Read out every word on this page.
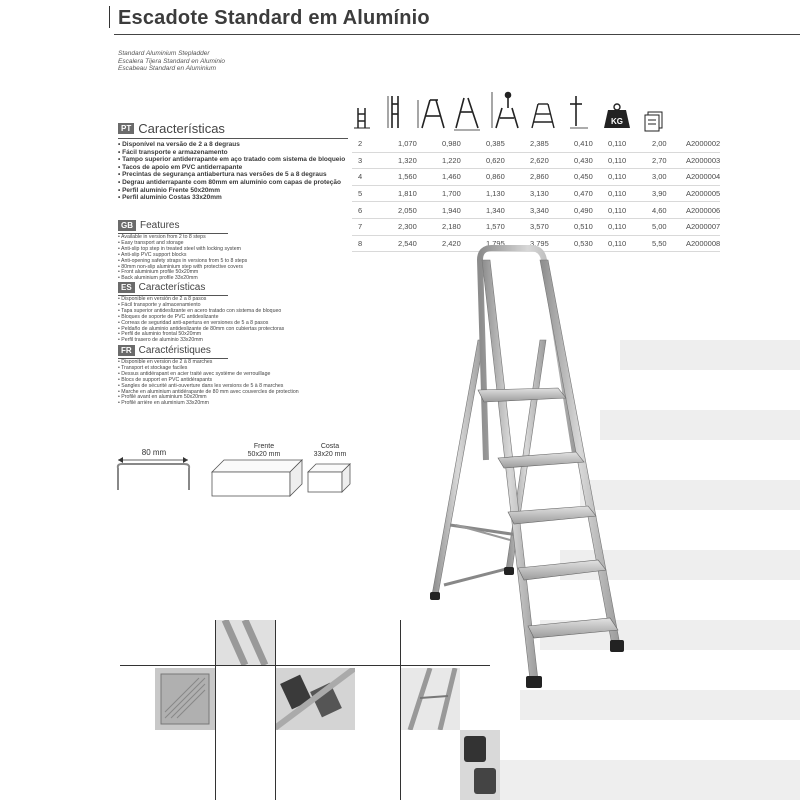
Escadote Standard em Alumínio
Standard Aluminium Stepladder
Escalera Tijera Standard en Aluminio
Escabeau Standard en Aluminium
PT Características
• Disponível na versão de 2 a 8 degraus
• Fácil transporte e armazenamento
• Tampo superior antiderrapante em aço tratado com sistema de bloqueio
• Tacos de apoio em PVC antiderrapante
• Precintas de segurança antiabertura nas versões de 5 a 8 degraus
• Degrau antiderrapante com 80mm em alumínio com capas de proteção
• Perfil alumínio Frente 50x20mm
• Perfil alumínio Costas 33x20mm
GB Features
• Available in version from 2 to 8 steps
• Easy transport and storage
• Anti-slip top step in treated steel with locking system
• Anti-slip PVC support blocks
• Anti-opening safety straps in versions from 5 to 8 steps
• 80mm non-slip aluminium step with protective covers
• Front aluminium profile 50x20mm
• Back aluminium profile 33x20mm
ES Características
• Disponible en versión de 2 a 8 pasos
• Fácil transporte y almacenamiento
• Tapa superior antideslizante en acero tratado con sistema de bloqueo
• Bloques de soporte de PVC antideslizante
• Correas de seguridad anti-apertura en versiones de 5 a 8 pasos
• Peldaño de aluminio antideslizante de 80mm con cubiertas protectoras
• Perfil de aluminio frontal 50x20mm
• Perfil trasero de aluminio 33x20mm
FR Caractéristiques
• Disponible en version de 2 à 8 marches
• Transport et stockage faciles
• Dessus antidérapant en acier traité avec système de verrouillage
• Blocs de support en PVC antidérapants
• Sangles de sécurité anti-ouverture dans les versions de 5 à 8 marches
• Marche en aluminium antidérapante de 80 mm avec couvercles de protection
• Profilé avant en aluminium 50x20mm
• Profilé arrière en aluminium 33x20mm
KG
2	1,070	0,980	0,385	2,385	0,410	0,110	2,00	A2000002
3	1,320	1,220	0,620	2,620	0,430	0,110	2,70	A2000003
4	1,560	1,460	0,860	2,860	0,450	0,110	3,00	A2000004
5	1,810	1,700	1,130	3,130	0,470	0,110	3,90	A2000005
6	2,050	1,940	1,340	3,340	0,490	0,110	4,60	A2000006
7	2,300	2,180	1,570	3,570	0,510	0,110	5,00	A2000007
8	2,540	2,420	1,795	3,795	0,530	0,110	5,50	A2000008
80 mm
Frente
50x20 mm
Costa
33x20 mm
